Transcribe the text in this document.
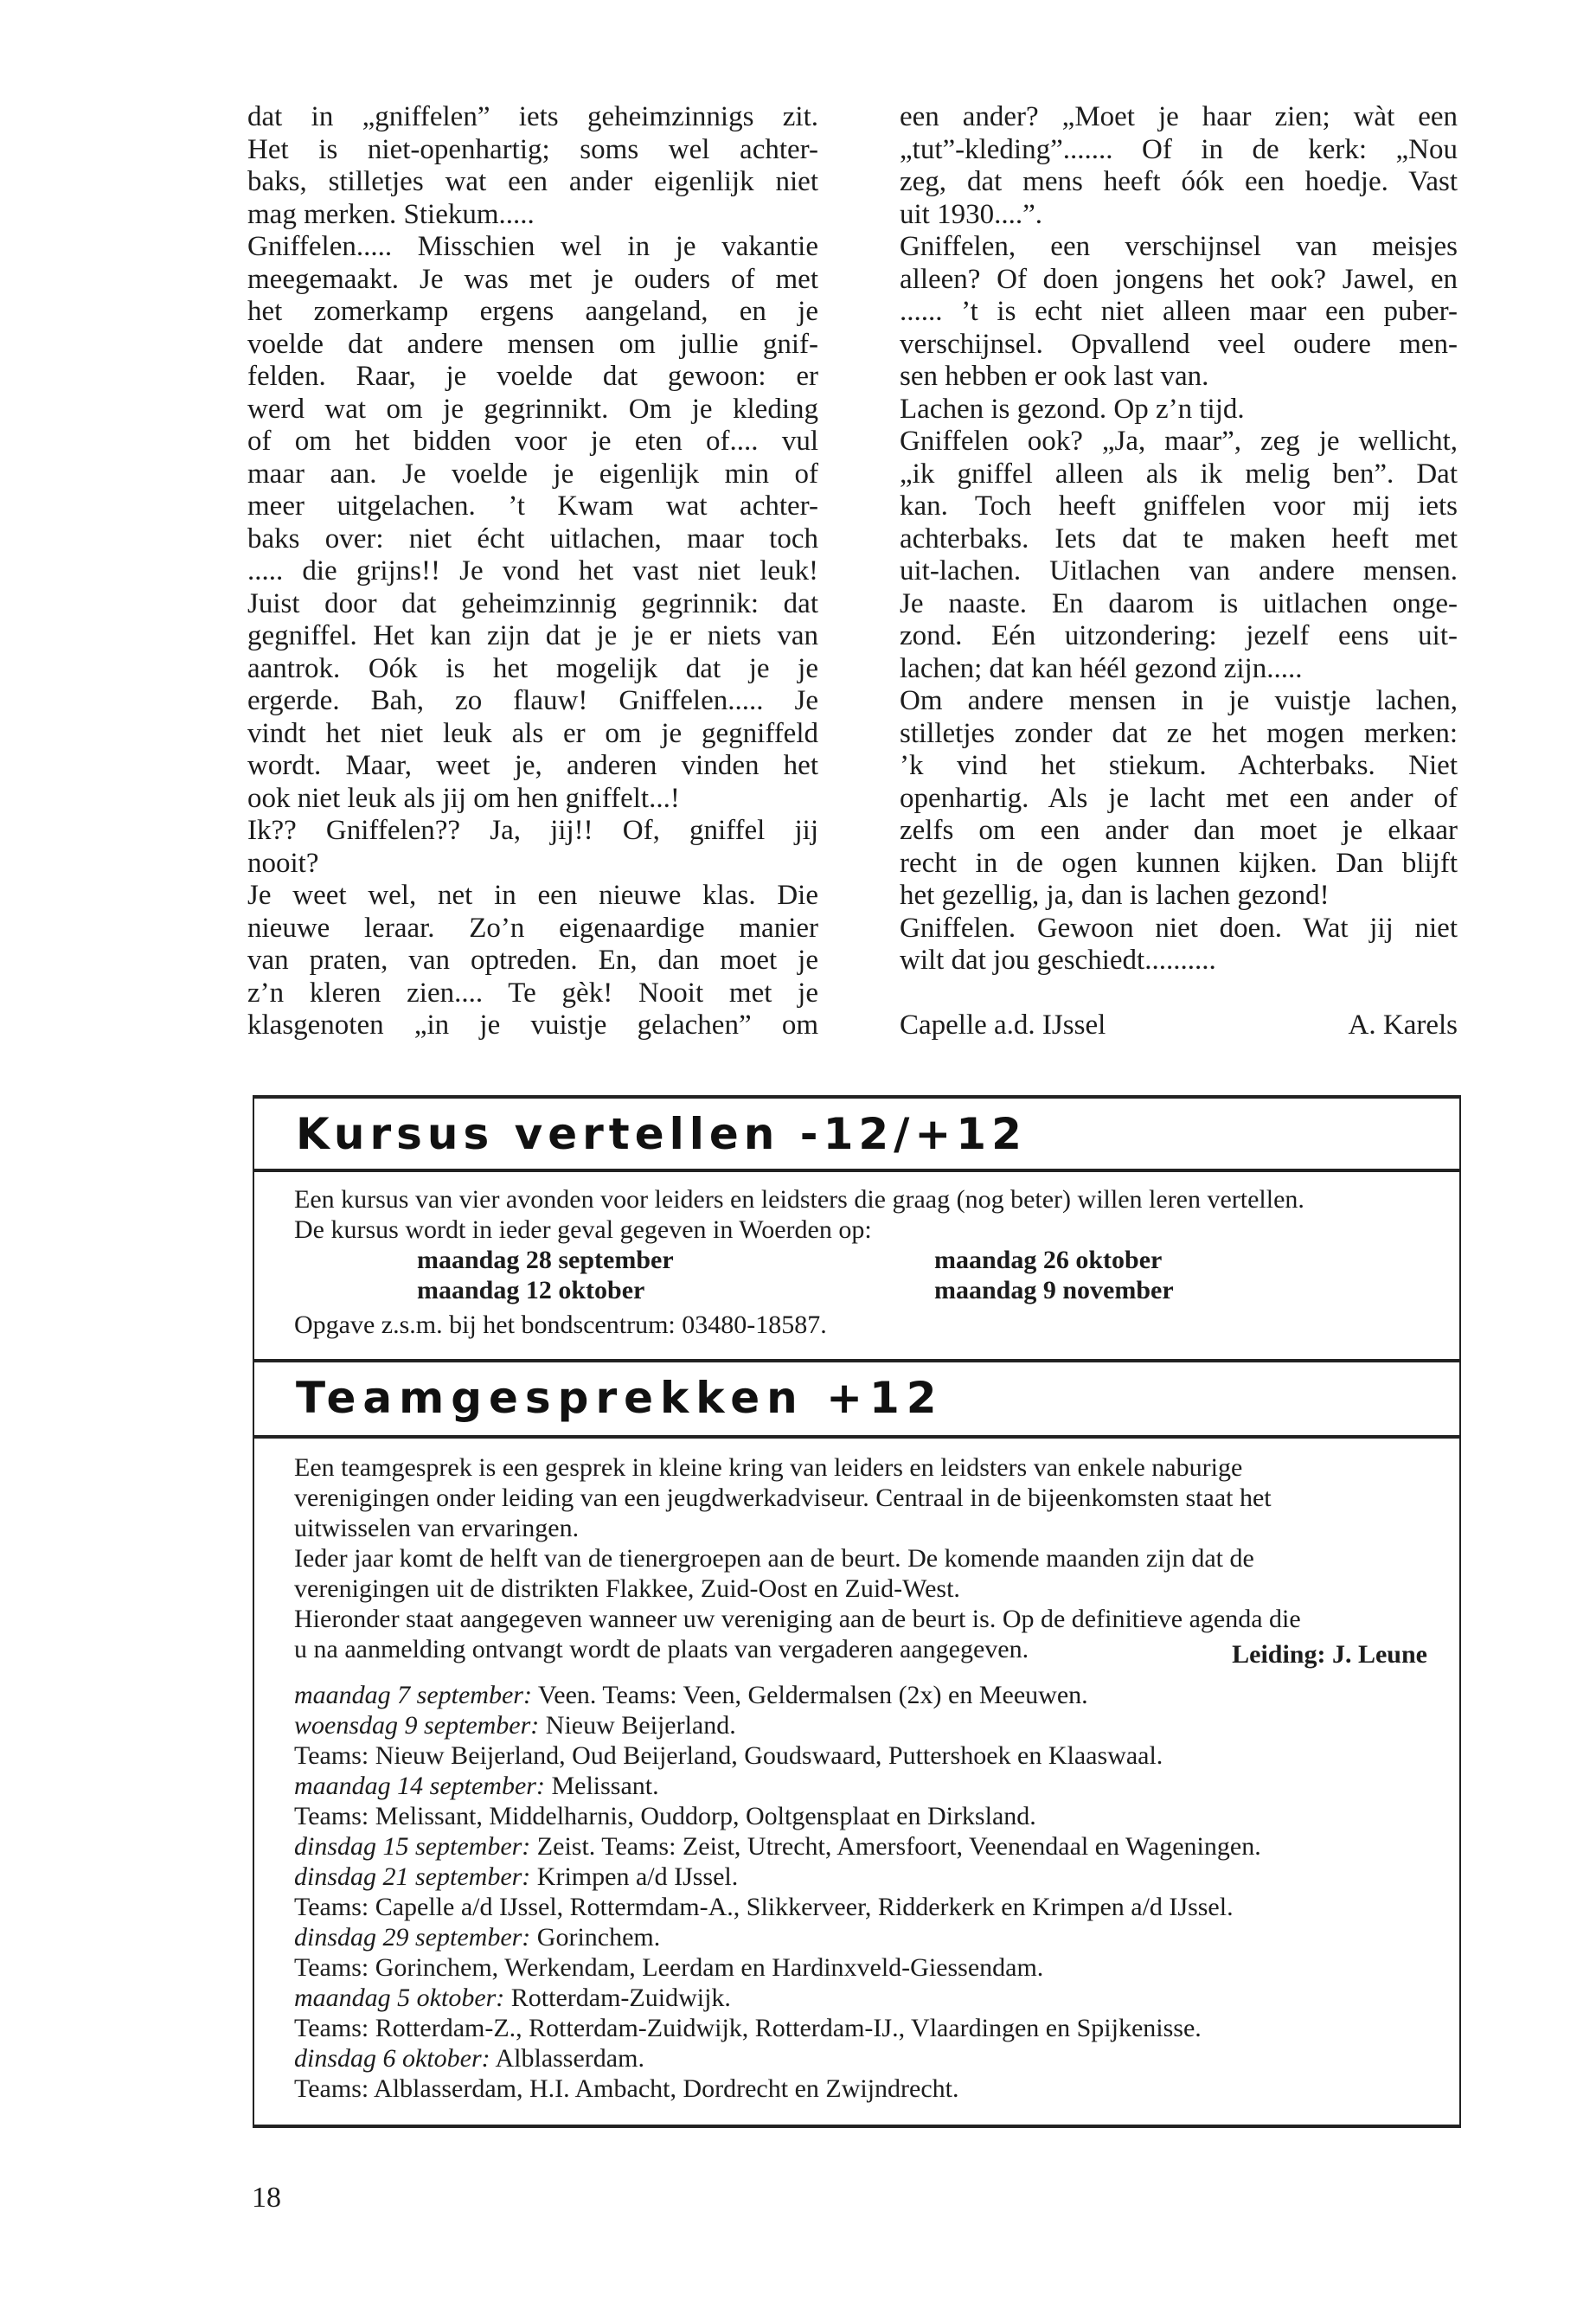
dat in „gniffelen” iets geheimzinnigs zit.
Het is niet-openhartig; soms wel achter-
baks, stilletjes wat een ander eigenlijk niet
mag merken. Stiekum.....
Gniffelen..... Misschien wel in je vakantie
meegemaakt. Je was met je ouders of met
het zomerkamp ergens aangeland, en je
voelde dat andere mensen om jullie gnif-
felden. Raar, je voelde dat gewoon: er
werd wat om je gegrinnikt. Om je kleding
of om het bidden voor je eten of.... vul
maar aan. Je voelde je eigenlijk min of
meer uitgelachen. ’t Kwam wat achter-
baks over: niet écht uitlachen, maar toch
..... die grijns!! Je vond het vast niet leuk!
Juist door dat geheimzinnig gegrinnik: dat
gegniffel. Het kan zijn dat je je er niets van
aantrok. Oók is het mogelijk dat je je
ergerde. Bah, zo flauw! Gniffelen..... Je
vindt het niet leuk als er om je gegniffeld
wordt. Maar, weet je, anderen vinden het
ook niet leuk als jij om hen gniffelt...!
Ik?? Gniffelen?? Ja, jij!! Of, gniffel jij
nooit?
Je weet wel, net in een nieuwe klas. Die
nieuwe leraar. Zo’n eigenaardige manier
van praten, van optreden. En, dan moet je
z’n kleren zien.... Te gèk! Nooit met je
klasgenoten „in je vuistje gelachen” om
een ander? „Moet je haar zien; wàt een
„tut”-kleding”....... Of in de kerk: „Nou
zeg, dat mens heeft óók een hoedje. Vast
uit 1930....”.
Gniffelen, een verschijnsel van meisjes
alleen? Of doen jongens het ook? Jawel, en
...... ’t is echt niet alleen maar een puber-
verschijnsel. Opvallend veel oudere men-
sen hebben er ook last van.
Lachen is gezond. Op z’n tijd.
Gniffelen ook? „Ja, maar”, zeg je wellicht,
„ik gniffel alleen als ik melig ben”. Dat
kan. Toch heeft gniffelen voor mij iets
achterbaks. Iets dat te maken heeft met
uit-lachen. Uitlachen van andere mensen.
Je naaste. En daarom is uitlachen onge-
zond. Eén uitzondering: jezelf eens uit-
lachen; dat kan héél gezond zijn.....
Om andere mensen in je vuistje lachen,
stilletjes zonder dat ze het mogen merken:
’k vind het stiekum. Achterbaks. Niet
openhartig. Als je lacht met een ander of
zelfs om een ander dan moet je elkaar
recht in de ogen kunnen kijken. Dan blijft
het gezellig, ja, dan is lachen gezond!
Gniffelen. Gewoon niet doen. Wat jij niet
wilt dat jou geschiedt..........
Capelle a.d. IJssel	A. Karels
Kursus vertellen -12/+12
Een kursus van vier avonden voor leiders en leidsters die graag (nog beter) willen leren vertellen.
De kursus wordt in ieder geval gegeven in Woerden op:
maandag 28 september	maandag 26 oktober
maandag 12 oktober	maandag 9 november
Opgave z.s.m. bij het bondscentrum: 03480-18587.
Teamgesprekken +12
Een teamgesprek is een gesprek in kleine kring van leiders en leidsters van enkele naburige
verenigingen onder leiding van een jeugdwerkadviseur. Centraal in de bijeenkomsten staat het
uitwisselen van ervaringen.
Ieder jaar komt de helft van de tienergroepen aan de beurt. De komende maanden zijn dat de
verenigingen uit de distrikten Flakkee, Zuid-Oost en Zuid-West.
Hieronder staat aangegeven wanneer uw vereniging aan de beurt is. Op de definitieve agenda die
u na aanmelding ontvangt wordt de plaats van vergaderen aangegeven.	Leiding: J. Leune
maandag 7 september: Veen. Teams: Veen, Geldermalsen (2x) en Meeuwen.
woensdag 9 september: Nieuw Beijerland.
Teams: Nieuw Beijerland, Oud Beijerland, Goudswaard, Puttershoek en Klaaswaal.
maandag 14 september: Melissant.
Teams: Melissant, Middelharnis, Ouddorp, Ooltgensplaat en Dirksland.
dinsdag 15 september: Zeist. Teams: Zeist, Utrecht, Amersfoort, Veenendaal en Wageningen.
dinsdag 21 september: Krimpen a/d IJssel.
Teams: Capelle a/d IJssel, Rottermdam-A., Slikkerveer, Ridderkerk en Krimpen a/d IJssel.
dinsdag 29 september: Gorinchem.
Teams: Gorinchem, Werkendam, Leerdam en Hardinxveld-Giessendam.
maandag 5 oktober: Rotterdam-Zuidwijk.
Teams: Rotterdam-Z., Rotterdam-Zuidwijk, Rotterdam-IJ., Vlaardingen en Spijkenisse.
dinsdag 6 oktober: Alblasserdam.
Teams: Alblasserdam, H.I. Ambacht, Dordrecht en Zwijndrecht.
18
